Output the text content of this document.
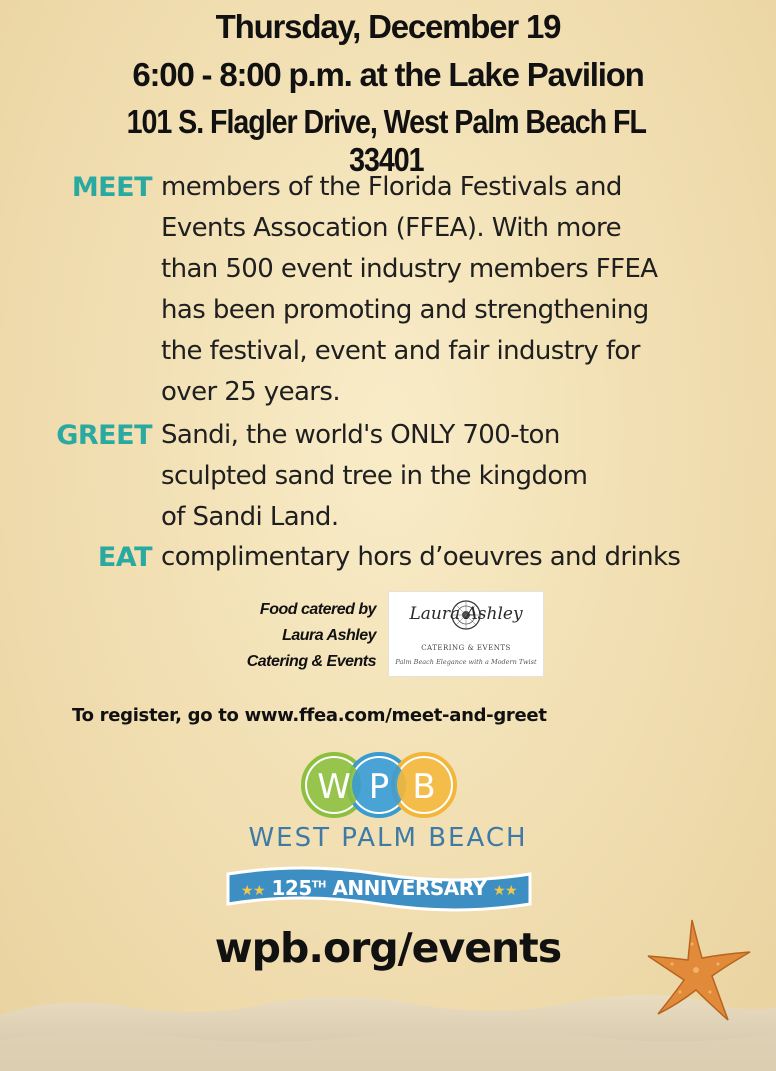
Thursday, December 19
6:00 - 8:00 p.m. at the Lake Pavilion
101 S. Flagler Drive, West Palm Beach FL 33401
MEET members of the Florida Festivals and
Events Assocation (FFEA). With more
than 500 event industry members FFEA
has been promoting and strengthening
the festival, event and fair industry for
over 25 years.
GREET Sandi, the world's ONLY 700-ton
sculpted sand tree in the kingdom
of Sandi Land.
EAT complimentary hors d’oeuvres and drinks
Food catered by
Laura Ashley
Catering & Events
Laura Ashley
CATERING & EVENTS
Palm Beach Elegance with a Modern Twist
To register, go to www.ffea.com/meet-and-greet
W P B
WEST PALM BEACH
★★ 125TH ANNIVERSARY ★★
wpb.org/events
